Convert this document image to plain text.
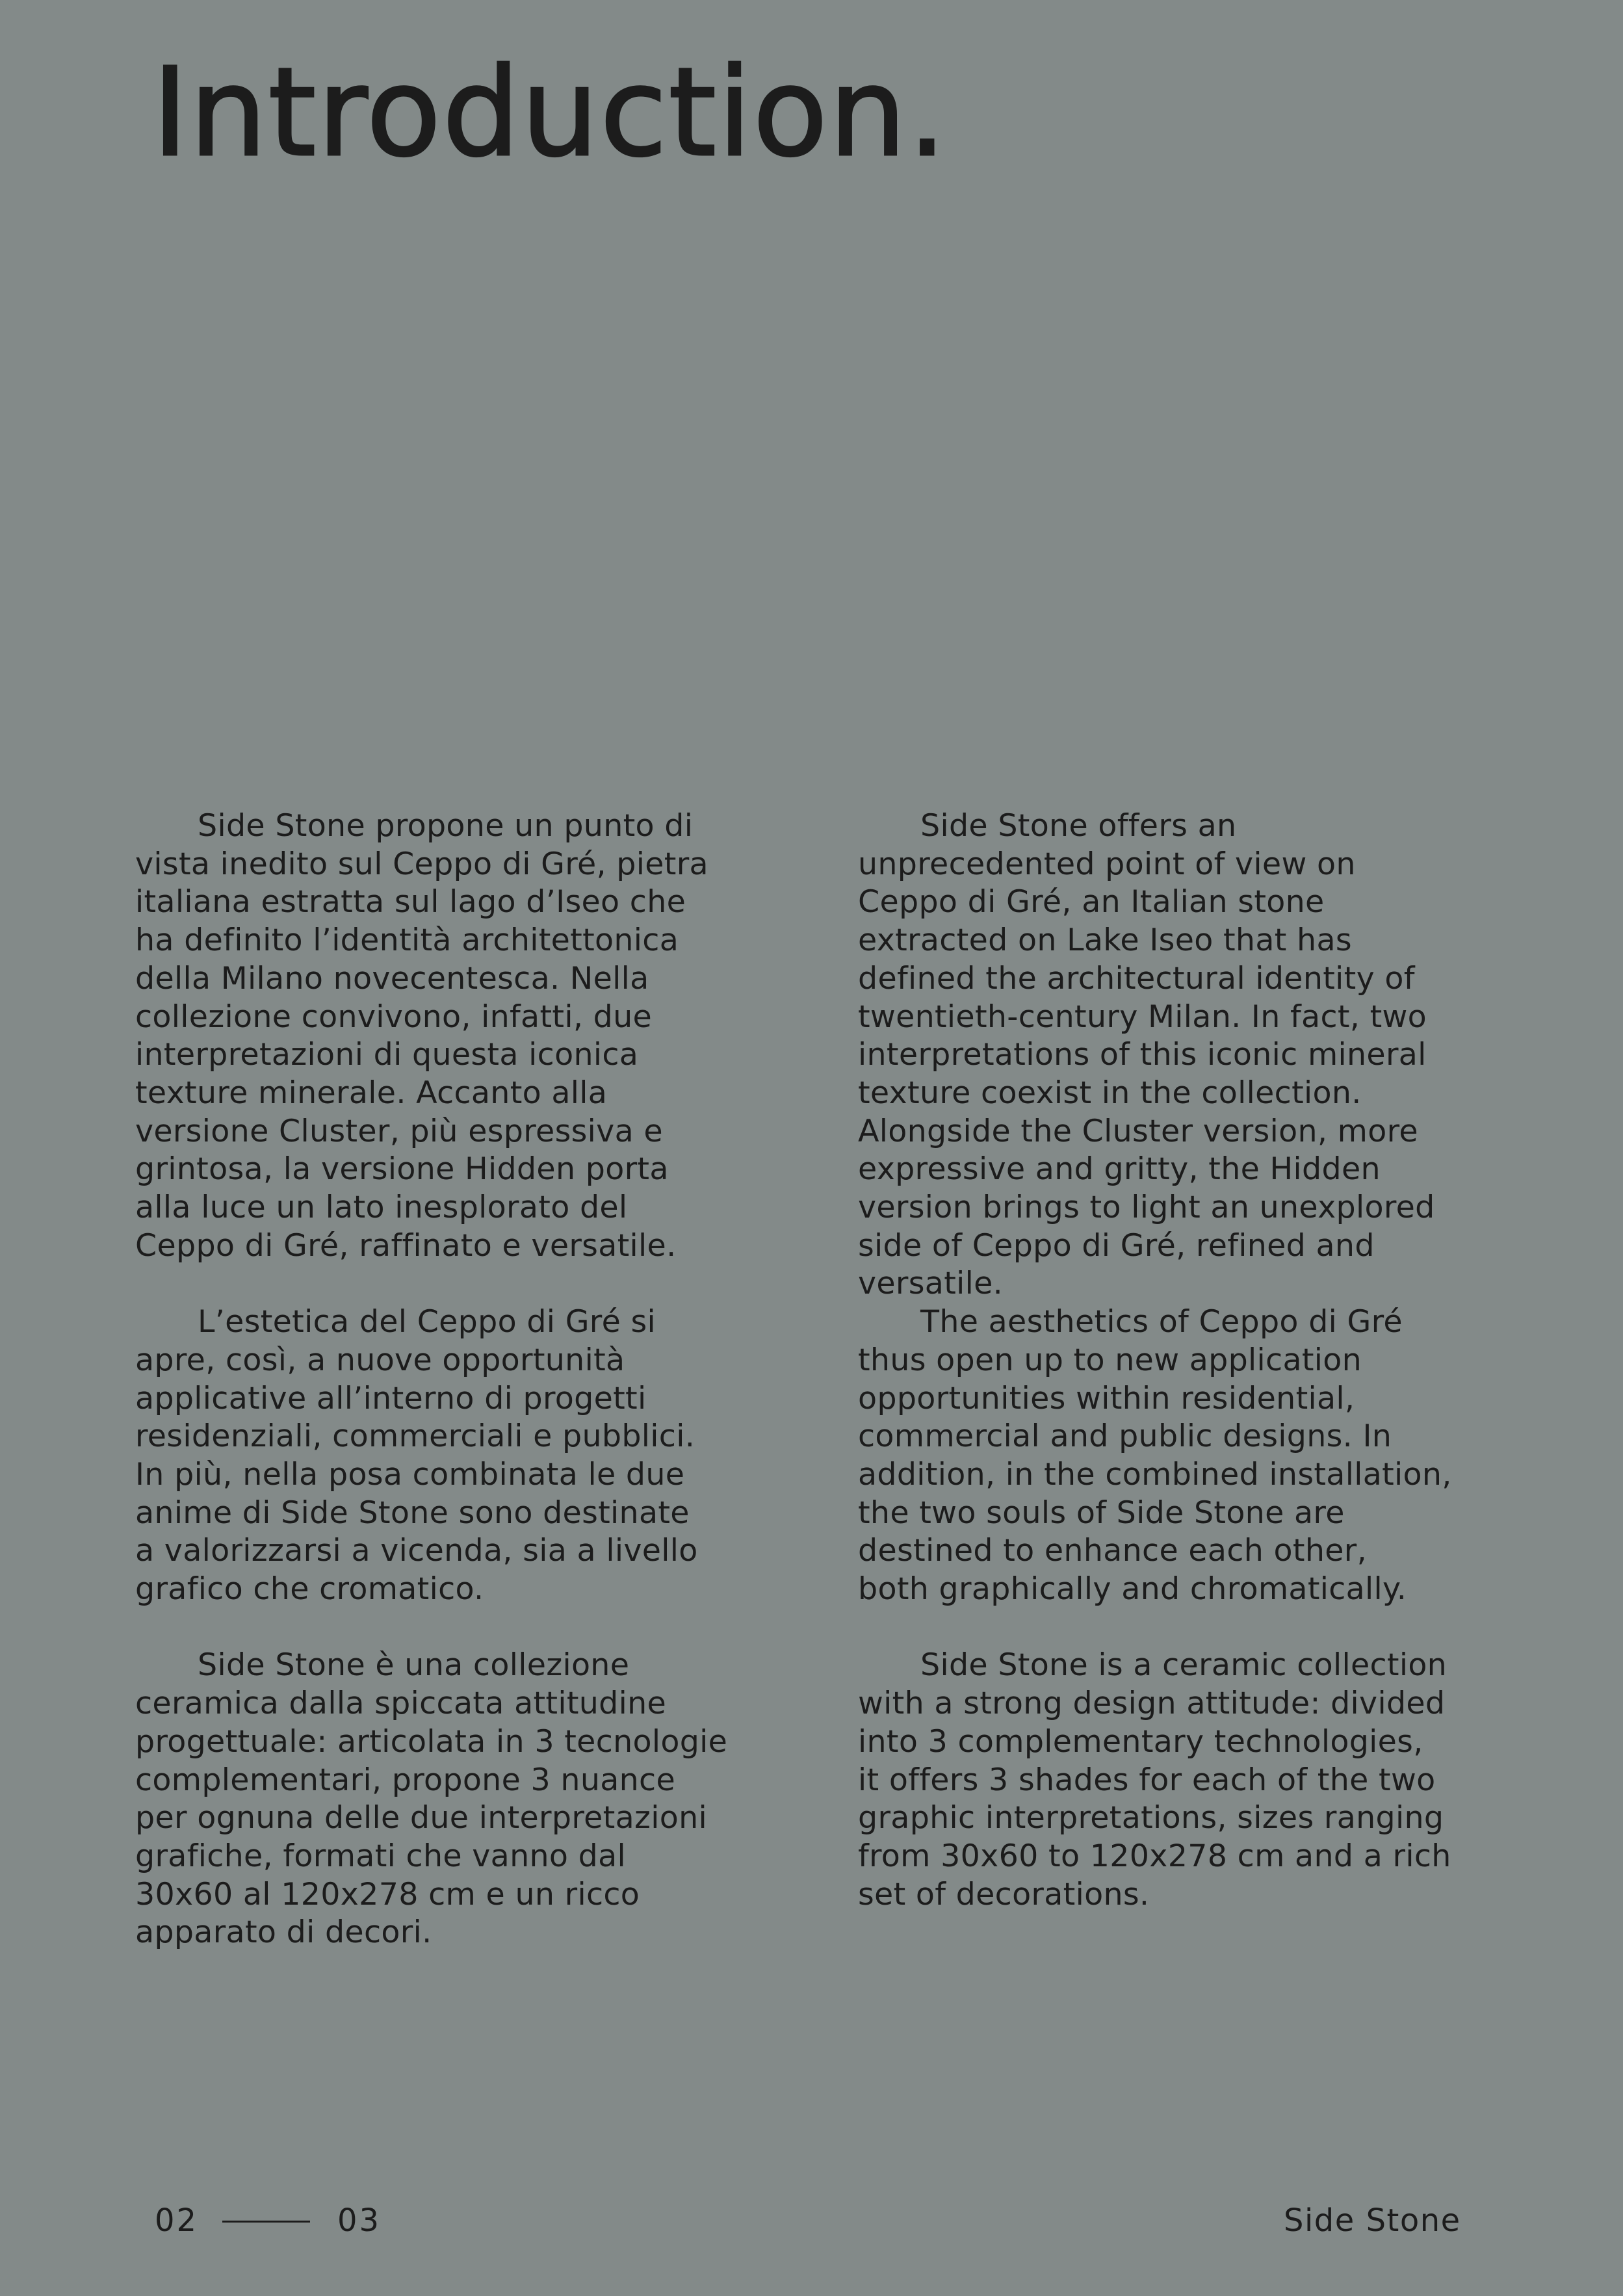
Introduction.
Side Stone propone un punto di
vista inedito sul Ceppo di Gré, pietra
italiana estratta sul lago d’Iseo che
ha definito l’identità architettonica
della Milano novecentesca. Nella
collezione convivono, infatti, due
interpretazioni di questa iconica
texture minerale. Accanto alla
versione Cluster, più espressiva e
grintosa, la versione Hidden porta
alla luce un lato inesplorato del
Ceppo di Gré, raffinato e versatile.
L’estetica del Ceppo di Gré si
apre, così, a nuove opportunità
applicative all’interno di progetti
residenziali, commerciali e pubblici.
In più, nella posa combinata le due
anime di Side Stone sono destinate
a valorizzarsi a vicenda, sia a livello
grafico che cromatico.
Side Stone è una collezione
ceramica dalla spiccata attitudine
progettuale: articolata in 3 tecnologie
complementari, propone 3 nuance
per ognuna delle due interpretazioni
grafiche, formati che vanno dal
30x60 al 120x278 cm e un ricco
apparato di decori.
Side Stone offers an
unprecedented point of view on
Ceppo di Gré, an Italian stone
extracted on Lake Iseo that has
defined the architectural identity of
twentieth-century Milan. In fact, two
interpretations of this iconic mineral
texture coexist in the collection.
Alongside the Cluster version, more
expressive and gritty, the Hidden
version brings to light an unexplored
side of Ceppo di Gré, refined and
versatile.
The aesthetics of Ceppo di Gré
thus open up to new application
opportunities within residential,
commercial and public designs. In
addition, in the combined installation,
the two souls of Side Stone are
destined to enhance each other,
both graphically and chromatically.
Side Stone is a ceramic collection
with a strong design attitude: divided
into 3 complementary technologies,
it offers 3 shades for each of the two
graphic interpretations, sizes ranging
from 30x60 to 120x278 cm and a rich
set of decorations.
02	03	Side Stone
